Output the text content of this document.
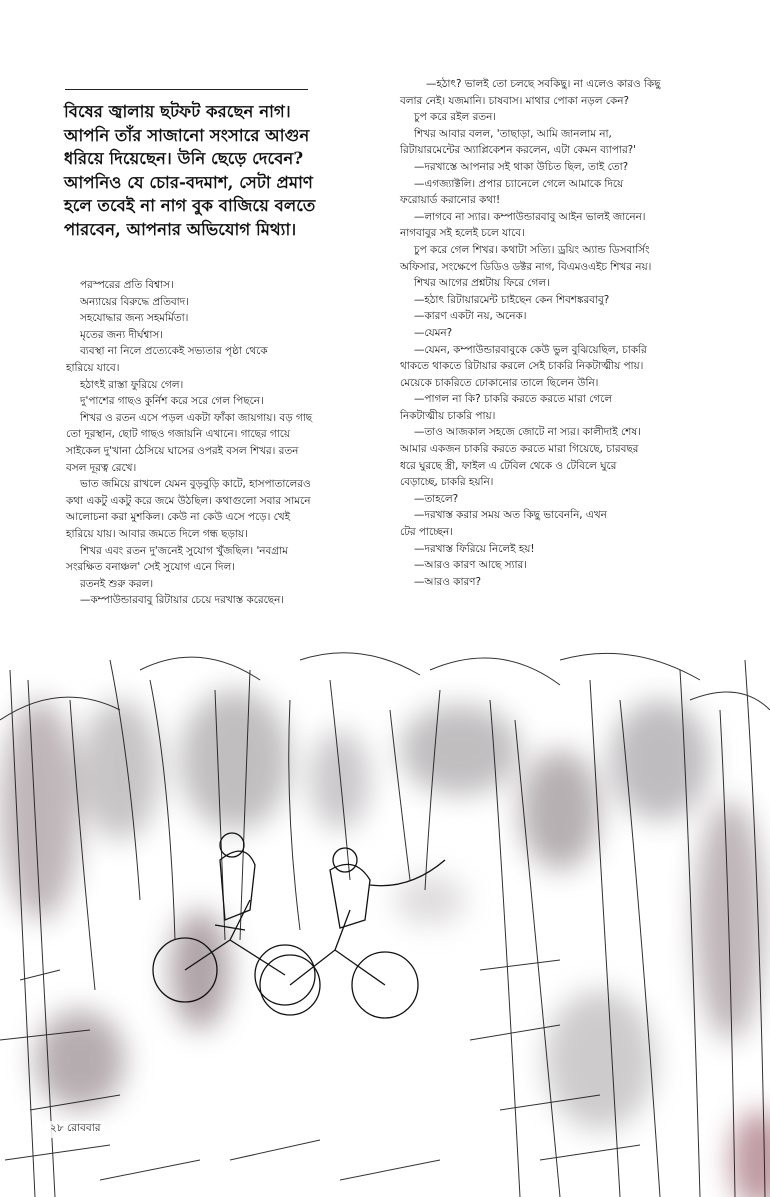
বিষের জ্বালায় ছটফট করছেন নাগ।
আপনি তাঁর সাজানো সংসারে আগুন
ধরিয়ে দিয়েছেন। উনি ছেড়ে দেবেন?
আপনিও যে চোর-বদমাশ, সেটা প্রমাণ
হলে তবেই না নাগ বুক বাজিয়ে বলতে
পারবেন, আপনার অভিযোগ মিথ্যা।
পরস্পরের প্রতি বিশ্বাস।
অন্যায়ের বিরুদ্ধে প্রতিবাদ।
সহযোদ্ধার জন্য সহমর্মিতা।
মৃতের জন্য দীর্ঘশ্বাস।
ব্যবস্থা না নিলে প্রত্যেকেই সভ্যতার পৃষ্ঠা থেকে
হারিয়ে যাবে।
হঠাৎই রাস্তা ফুরিয়ে গেল।
দু'পাশের গাছও কুর্নিশ করে সরে গেল পিছনে।
শিখর ও রতন এসে পড়ল একটা ফাঁকা জায়গায়। বড় গাছ
তো দূরস্থান, ছোট গাছও গজায়নি এখানে। গাছের গায়ে
সাইকেল দু'খানা ঠেসিয়ে ঘাসের ওপরই বসল শিখর। রতন
বসল দূরত্ব রেখে।
ভাত জমিয়ে রাখলে যেমন বুড়বুড়ি কাটে, হাসপাতালেরও
কথা একটু একটু করে জমে উঠছিল। কথাগুলো সবার সামনে
আলোচনা করা মুশকিল। কেউ না কেউ এসে পড়ে। খেই
হারিয়ে যায়। আবার জমতে দিলে গন্ধ ছড়ায়।
শিখর এবং রতন দু'জনেই সুযোগ খুঁজছিল। 'নবগ্রাম
সংরক্ষিত বনাঞ্চল' সেই সুযোগ এনে দিল।
রতনই শুরু করল।
—কম্পাউন্ডারবাবু রিটায়ার চেয়ে দরখাস্ত করেছেন।
—হঠাৎ? ভালই তো চলছে সবকিছু। না এলেও কারও কিছু
বলার নেই। যজমানি। চাষবাস। মাথার পোকা নড়ল কেন?
চুপ করে রইল রতন।
শিখর আবার বলল, 'তাছাড়া, আমি জানলাম না,
রিটায়ারমেন্টের অ্যাপ্লিকেশন করলেন, এটা কেমন ব্যাপার?'
—দরখাস্তে আপনার সই থাকা উচিত ছিল, তাই তো?
—এগজ্যাক্টলি। প্রপার চ্যানেলে গেলে আমাকে দিয়ে
ফরোয়ার্ড করানোর কথা!
—লাগবে না স্যার। কম্পাউন্ডারবাবু আইন ভালই জানেন।
নাগবাবুর সই হলেই চলে যাবে।
চুপ করে গেল শিখর। কথাটা সত্যি। ড্রয়িং অ্যান্ড ডিসবার্সিং
অফিসার, সংক্ষেপে ডিডিও ডক্টর নাগ, বিএমওএইচ শিখর নয়।
শিখর আগের প্রশ্নটায় ফিরে গেল।
—হঠাৎ রিটায়ারমেন্ট চাইছেন কেন শিবশঙ্করবাবু?
—কারণ একটা নয়, অনেক।
—যেমন?
—যেমন, কম্পাউন্ডারবাবুকে কেউ ভুল বুঝিয়েছিল, চাকরি
থাকতে থাকতে রিটায়ার করলে সেই চাকরি নিকটাত্মীয় পায়।
মেয়েকে চাকরিতে ঢোকানোর তালে ছিলেন উনি।
—পাগল না কি? চাকরি করতে করতে মারা গেলে
নিকটাত্মীয় চাকরি পায়।
—তাও আজকাল সহজে জোটে না স্যর। কালীদাই শেষ।
আমার একজন চাকরি করতে করতে মারা গিয়েছে, চারবছর
ধরে ঘুরছে স্ত্রী, ফাইল এ টেবিল থেকে ও টেবিলে ঘুরে
বেড়াচ্ছে, চাকরি হয়নি।
—তাহলে?
—দরখাস্ত করার সময় অত কিছু ভাবেননি, এখন
টের পাচ্ছেন।
—দরখাস্ত ফিরিয়ে নিলেই হয়!
—আরও কারণ আছে স্যার।
—আরও কারণ?
২৮ রোববার
